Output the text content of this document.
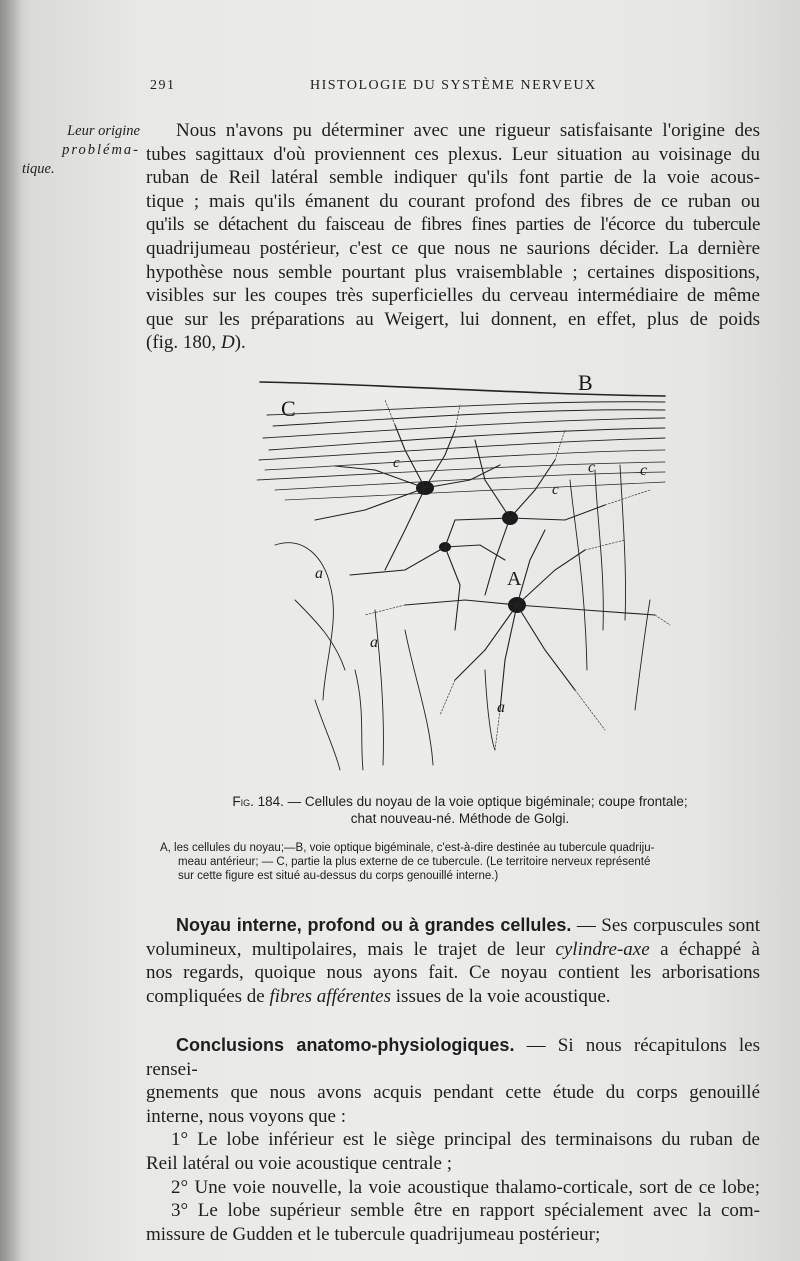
291	HISTOLOGIE DU SYSTÈME NERVEUX
Leur origine
probléma-
tique.
Nous n'avons pu déterminer avec une rigueur satisfaisante l'origine des
tubes sagittaux d'où proviennent ces plexus. Leur situation au voisinage du
ruban de Reil latéral semble indiquer qu'ils font partie de la voie acous-
tique ; mais qu'ils émanent du courant profond des fibres de ce ruban ou
qu'ils se détachent du faisceau de fibres fines parties de l'écorce du tubercule
quadrijumeau postérieur, c'est ce que nous ne saurions décider. La dernière
hypothèse nous semble pourtant plus vraisemblable ; certaines dispositions,
visibles sur les coupes très superficielles du cerveau intermédiaire de même
que sur les préparations au Weigert, lui donnent, en effet, plus de poids
(fig. 180, D).
B
C
A
c
c
c
c
a
a
a
Fig. 184. — Cellules du noyau de la voie optique bigéminale; coupe frontale;
chat nouveau-né. Méthode de Golgi.
A, les cellules du noyau;—B, voie optique bigéminale, c'est-à-dire destinée au tubercule quadriju-
meau antérieur; — C, partie la plus externe de ce tubercule. (Le territoire nerveux représenté
sur cette figure est situé au-dessus du corps genouillé interne.)
Noyau interne, profond ou à grandes cellules. — Ses corpuscules sont
volumineux, multipolaires, mais le trajet de leur cylindre-axe a échappé à
nos regards, quoique nous ayons fait. Ce noyau contient les arborisations
compliquées de fibres afférentes issues de la voie acoustique.
Conclusions anatomo-physiologiques. — Si nous récapitulons les rensei-
gnements que nous avons acquis pendant cette étude du corps genouillé
interne, nous voyons que :
1° Le lobe inférieur est le siège principal des terminaisons du ruban de
Reil latéral ou voie acoustique centrale ;
2° Une voie nouvelle, la voie acoustique thalamo-corticale, sort de ce lobe;
3° Le lobe supérieur semble être en rapport spécialement avec la com-
missure de Gudden et le tubercule quadrijumeau postérieur;
